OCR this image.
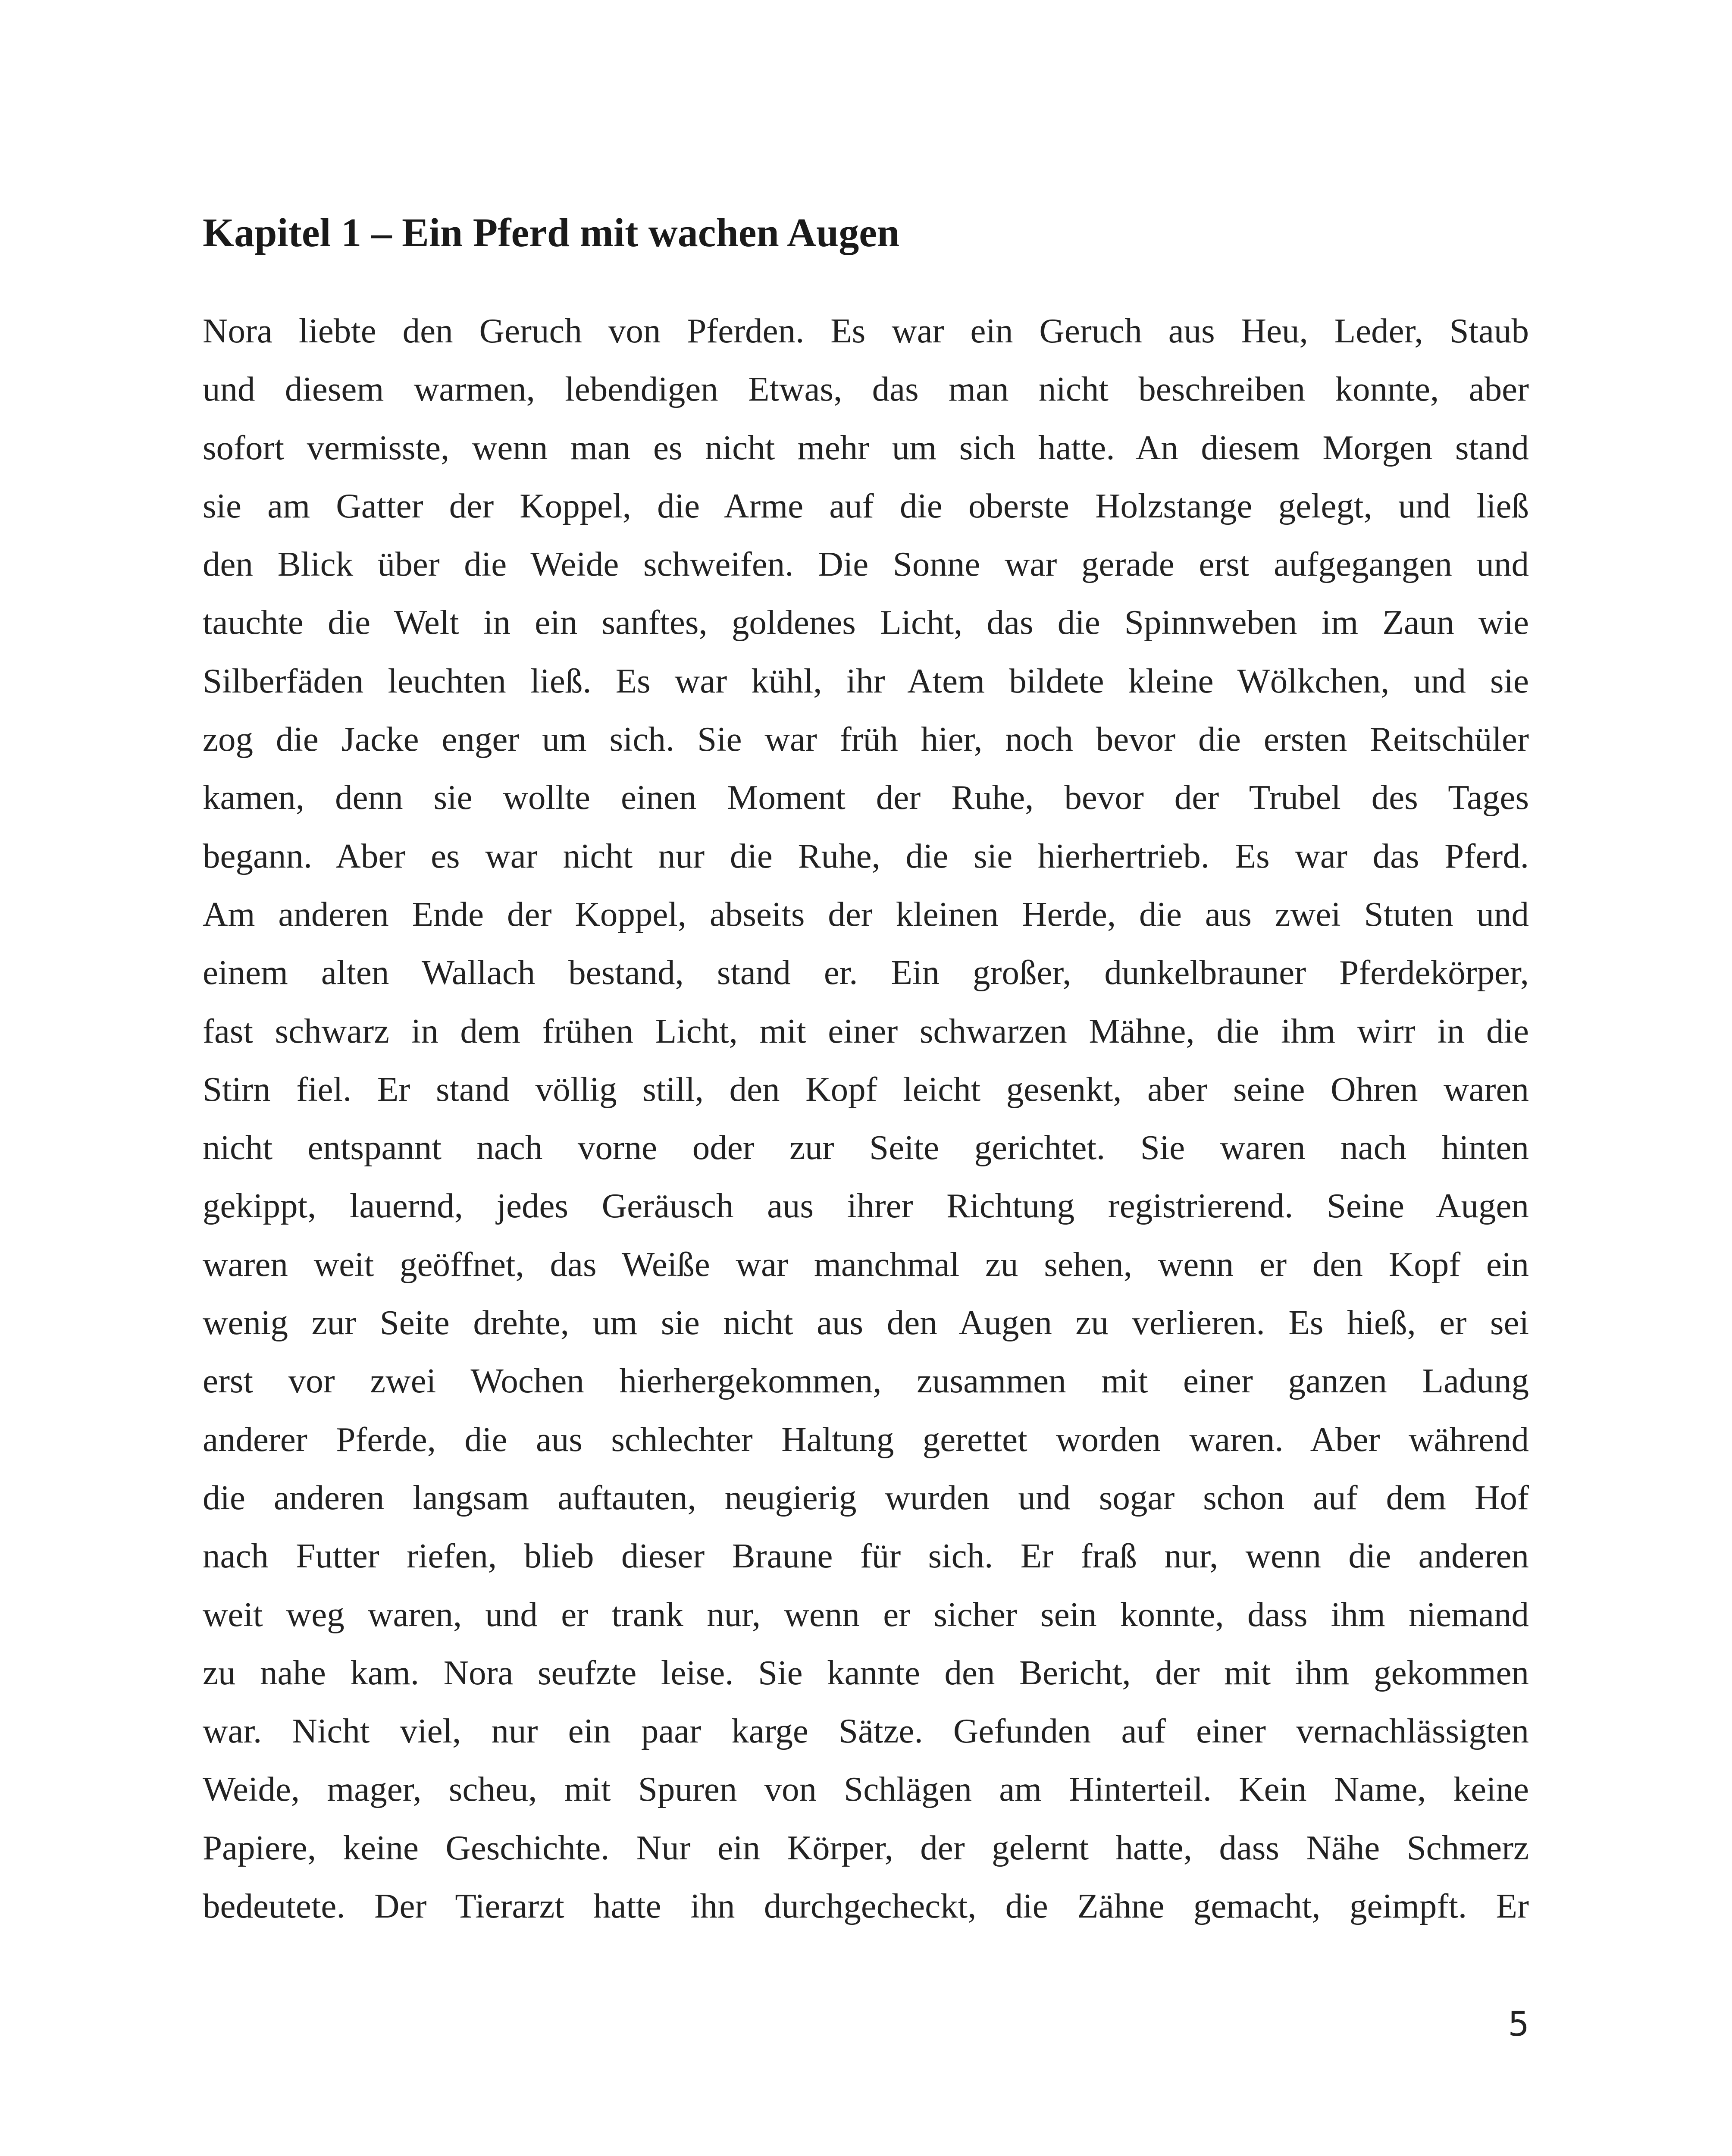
Kapitel 1 – Ein Pferd mit wachen Augen
Nora liebte den Geruch von Pferden. Es war ein Geruch aus Heu, Leder, Staub
und diesem warmen, lebendigen Etwas, das man nicht beschreiben konnte, aber
sofort vermisste, wenn man es nicht mehr um sich hatte. An diesem Morgen stand
sie am Gatter der Koppel, die Arme auf die oberste Holzstange gelegt, und ließ
den Blick über die Weide schweifen. Die Sonne war gerade erst aufgegangen und
tauchte die Welt in ein sanftes, goldenes Licht, das die Spinnweben im Zaun wie
Silberfäden leuchten ließ. Es war kühl, ihr Atem bildete kleine Wölkchen, und sie
zog die Jacke enger um sich. Sie war früh hier, noch bevor die ersten Reitschüler
kamen, denn sie wollte einen Moment der Ruhe, bevor der Trubel des Tages
begann. Aber es war nicht nur die Ruhe, die sie hierhertrieb. Es war das Pferd.
Am anderen Ende der Koppel, abseits der kleinen Herde, die aus zwei Stuten und
einem alten Wallach bestand, stand er. Ein großer, dunkelbrauner Pferdekörper,
fast schwarz in dem frühen Licht, mit einer schwarzen Mähne, die ihm wirr in die
Stirn fiel. Er stand völlig still, den Kopf leicht gesenkt, aber seine Ohren waren
nicht entspannt nach vorne oder zur Seite gerichtet. Sie waren nach hinten
gekippt, lauernd, jedes Geräusch aus ihrer Richtung registrierend. Seine Augen
waren weit geöffnet, das Weiße war manchmal zu sehen, wenn er den Kopf ein
wenig zur Seite drehte, um sie nicht aus den Augen zu verlieren. Es hieß, er sei
erst vor zwei Wochen hierhergekommen, zusammen mit einer ganzen Ladung
anderer Pferde, die aus schlechter Haltung gerettet worden waren. Aber während
die anderen langsam auftauten, neugierig wurden und sogar schon auf dem Hof
nach Futter riefen, blieb dieser Braune für sich. Er fraß nur, wenn die anderen
weit weg waren, und er trank nur, wenn er sicher sein konnte, dass ihm niemand
zu nahe kam. Nora seufzte leise. Sie kannte den Bericht, der mit ihm gekommen
war. Nicht viel, nur ein paar karge Sätze. Gefunden auf einer vernachlässigten
Weide, mager, scheu, mit Spuren von Schlägen am Hinterteil. Kein Name, keine
Papiere, keine Geschichte. Nur ein Körper, der gelernt hatte, dass Nähe Schmerz
bedeutete. Der Tierarzt hatte ihn durchgecheckt, die Zähne gemacht, geimpft. Er
5
